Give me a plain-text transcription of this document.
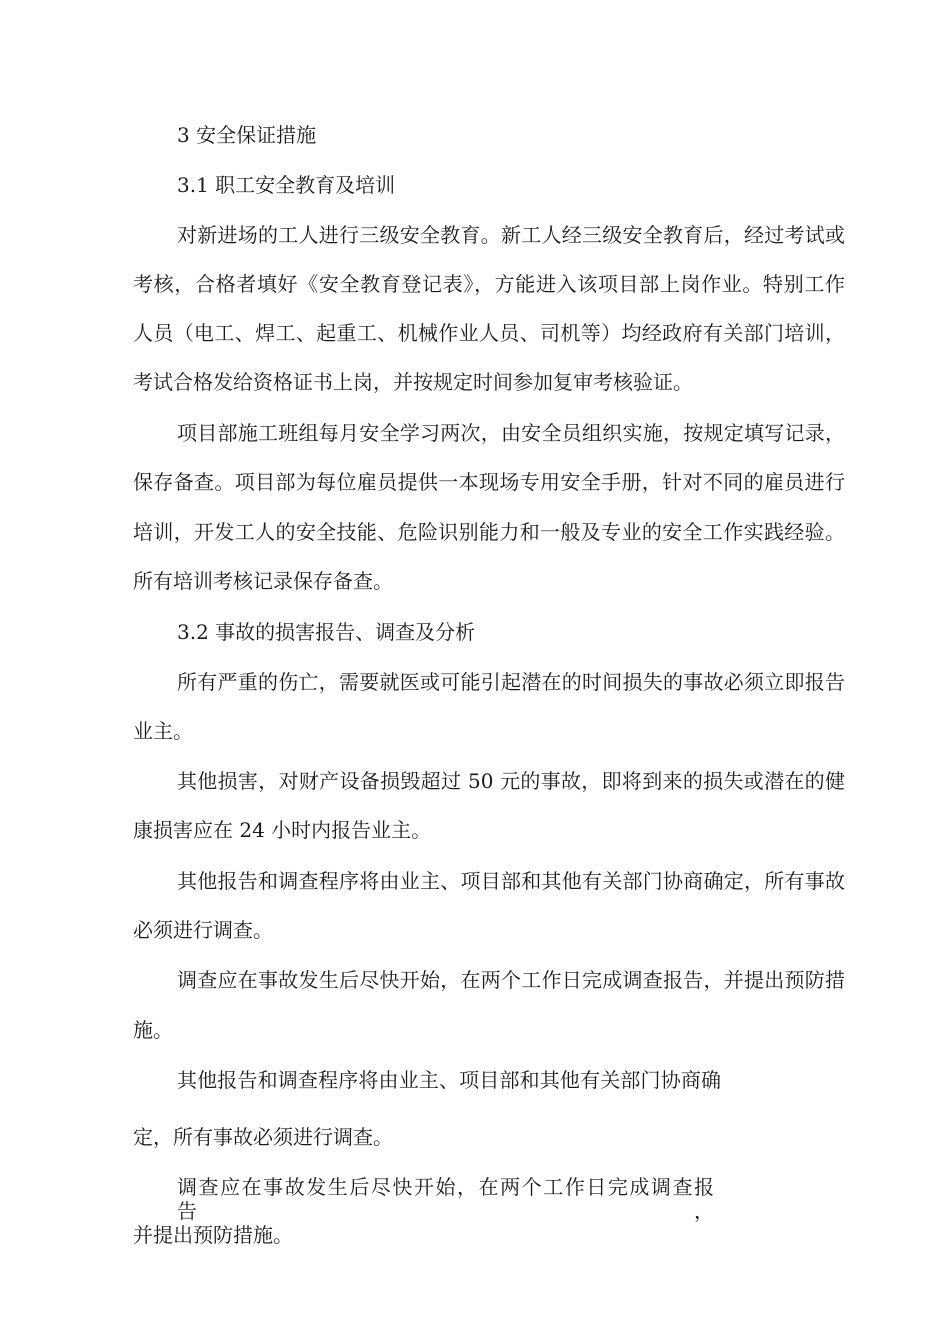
3 安全保证措施
3.1 职工安全教育及培训
对新进场的工人进行三级安全教育。新工人经三级安全教育后，经过考试或
考核，合格者填好《安全教育登记表》，方能进入该项目部上岗作业。特别工作
人员（电工、焊工、起重工、机械作业人员、司机等）均经政府有关部门培训，
考试合格发给资格证书上岗，并按规定时间参加复审考核验证。
项目部施工班组每月安全学习两次，由安全员组织实施，按规定填写记录，
保存备查。项目部为每位雇员提供一本现场专用安全手册，针对不同的雇员进行
培训，开发工人的安全技能、危险识别能力和一般及专业的安全工作实践经验。
所有培训考核记录保存备查。
3.2 事故的损害报告、调查及分析
所有严重的伤亡，需要就医或可能引起潜在的时间损失的事故必须立即报告
业主。
其他损害，对财产设备损毁超过 50 元的事故，即将到来的损失或潜在的健
康损害应在 24 小时内报告业主。
其他报告和调查程序将由业主、项目部和其他有关部门协商确定，所有事故
必须进行调查。
调查应在事故发生后尽快开始，在两个工作日完成调查报告，并提出预防措
施。
其他报告和调查程序将由业主、项目部和其他有关部门协商确
定，所有事故必须进行调查。
调查应在事故发生后尽快开始，在两个工作日完成调查报告，
并提出预防措施。
